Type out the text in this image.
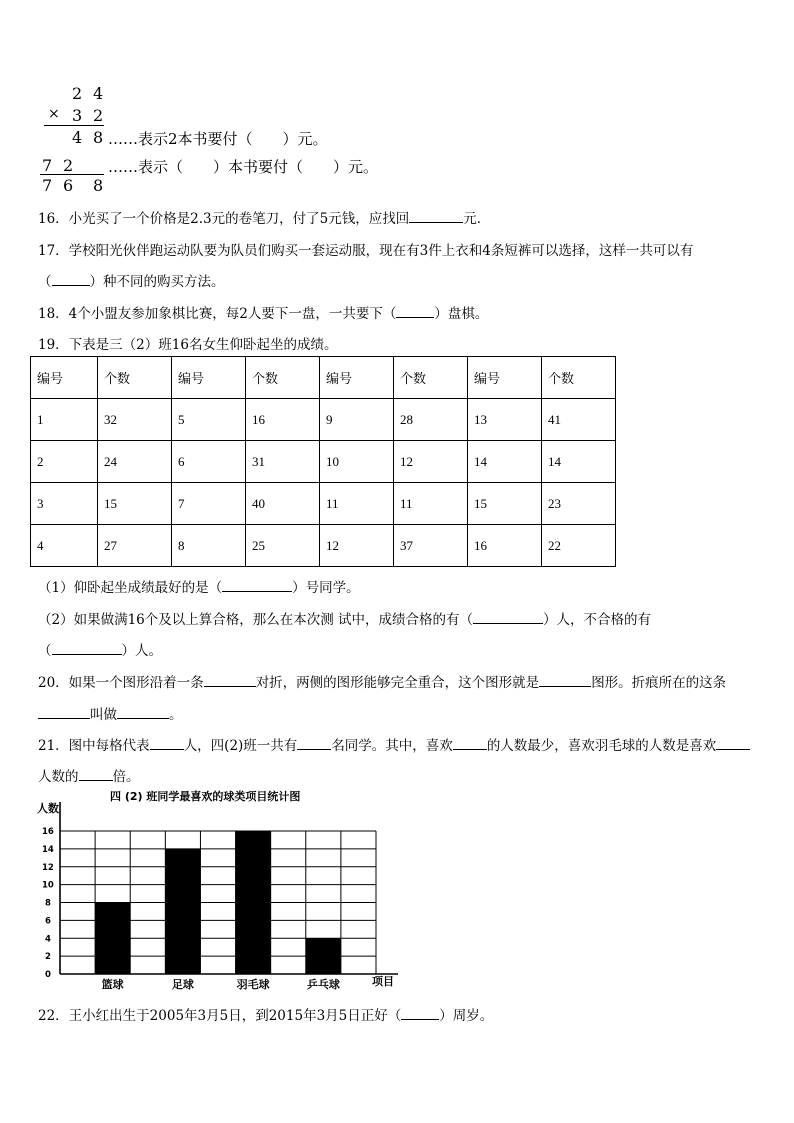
2 4
× 3 2
4 8 ……表示2本书要付（　　）元。
7 2 ……表示（　　）本书要付（　　）元。
7 6 8
16．小光买了一个价格是2.3元的卷笔刀，付了5元钱，应找回	元．
17．学校阳光伙伴跑运动队要为队员们购买一套运动服，现在有3件上衣和4条短裤可以选择，这样一共可以有
（	）种不同的购买方法。
18．4个小盟友参加象棋比赛，每2人要下一盘，一共要下（	）盘棋。
19．下表是三（2）班16名女生仰卧起坐的成绩。
编号	个数	编号	个数	编号	个数	编号	个数
1	32	5	16	9	28	13	41
2	24	6	31	10	12	14	14
3	15	7	40	11	11	15	23
4	27	8	25	12	37	16	22
（1）仰卧起坐成绩最好的是（	）号同学。
（2）如果做满16个及以上算合格，那么在本次测 试中，成绩合格的有（	）人，不合格的有
（	）人。
20．如果一个图形沿着一条	对折，两侧的图形能够完全重合，这个图形就是	图形。折痕所在的这条
叫做	。
21．图中每格代表	人，四(2)班一共有	名同学。其中，喜欢	的人数最少，喜欢羽毛球的人数是喜欢
人数的	倍。
四 (2) 班同学最喜欢的球类项目统计图
人数
项目
0
2
4
6
8
10
12
14
16
篮球	足球	羽毛球	乒乓球
22．王小红出生于2005年3月5日，到2015年3月5日正好（	）周岁。
